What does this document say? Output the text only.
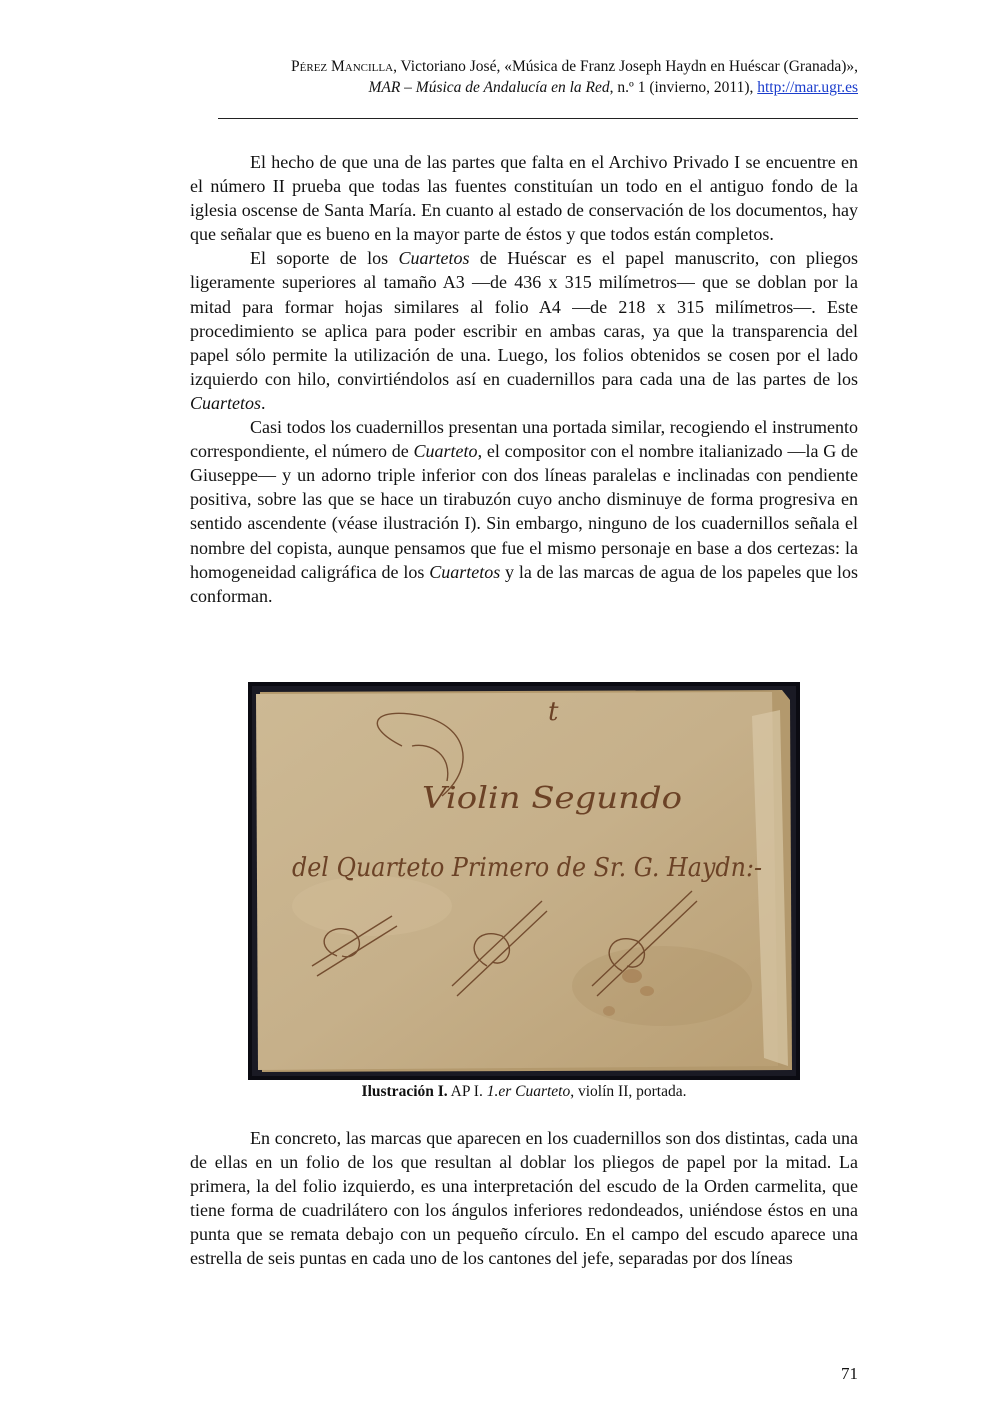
Pérez Mancilla, Victoriano José, «Música de Franz Joseph Haydn en Huéscar (Granada)»,
MAR – Música de Andalucía en la Red, n.º 1 (invierno, 2011), http://mar.ugr.es

El hecho de que una de las partes que falta en el Archivo Privado I se encuentre en el número II prueba que todas las fuentes constituían un todo en el antiguo fondo de la iglesia oscense de Santa María. En cuanto al estado de conservación de los documentos, hay que señalar que es bueno en la mayor parte de éstos y que todos están completos.

El soporte de los Cuartetos de Huéscar es el papel manuscrito, con pliegos ligeramente superiores al tamaño A3 —de 436 x 315 milímetros— que se doblan por la mitad para formar hojas similares al folio A4 —de 218 x 315 milímetros—. Este procedimiento se aplica para poder escribir en ambas caras, ya que la transparencia del papel sólo permite la utilización de una. Luego, los folios obtenidos se cosen por el lado izquierdo con hilo, convirtiéndolos así en cuadernillos para cada una de las partes de los Cuartetos.

Casi todos los cuadernillos presentan una portada similar, recogiendo el instrumento correspondiente, el número de Cuarteto, el compositor con el nombre italianizado —la G de Giuseppe— y un adorno triple inferior con dos líneas paralelas e inclinadas con pendiente positiva, sobre las que se hace un tirabuzón cuyo ancho disminuye de forma progresiva en sentido ascendente (véase ilustración I). Sin embargo, ninguno de los cuadernillos señala el nombre del copista, aunque pensamos que fue el mismo personaje en base a dos certezas: la homogeneidad caligráfica de los Cuartetos y la de las marcas de agua de los papeles que los conforman.

t
Violin Segundo
del Quarteto Primero de Sr. G. Haydn:-
Ilustración I. AP I. 1.er Cuarteto, violín II, portada.

En concreto, las marcas que aparecen en los cuadernillos son dos distintas, cada una de ellas en un folio de los que resultan al doblar los pliegos de papel por la mitad. La primera, la del folio izquierdo, es una interpretación del escudo de la Orden carmelita, que tiene forma de cuadrilátero con los ángulos inferiores redondeados, uniéndose éstos en una punta que se remata debajo con un pequeño círculo. En el campo del escudo aparece una estrella de seis puntas en cada uno de los cantones del jefe, separadas por dos líneas

71
